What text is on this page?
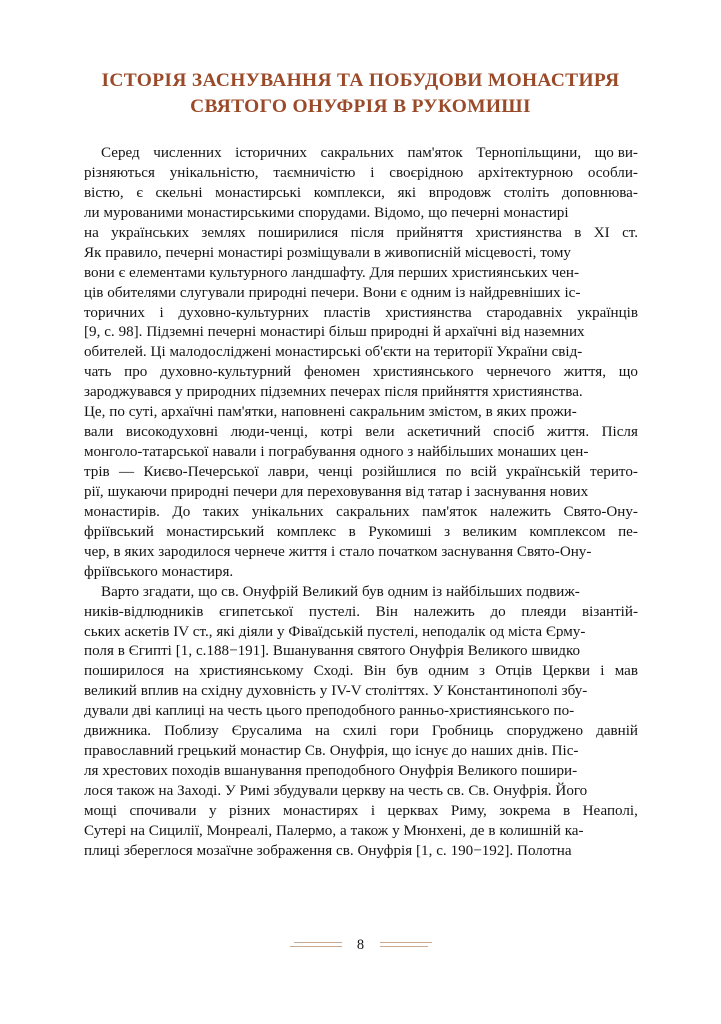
ІСТОРІЯ ЗАСНУВАННЯ ТА ПОБУДОВИ МОНАСТИРЯ
СВЯТОГО ОНУФРІЯ В РУКОМИШІ

Серед численних історичних сакральних пам'яток Тернопільщини, що ви-
різняються унікальністю, таємничістю і своєрідною архітектурною особли-
вістю, є скельні монастирські комплекси, які впродовж століть доповнюва-
ли мурованими монастирськими спорудами. Відомо, що печерні монастирі
на українських землях поширилися після прийняття християнства в XI ст.
Як правило, печерні монастирі розміщували в живописній місцевості, тому
вони є елементами культурного ландшафту. Для перших християнських чен-
ців обителями слугували природні печери. Вони є одним із найдревніших іс-
торичних і духовно-культурних пластів християнства стародавніх українців
[9, с. 98]. Підземні печерні монастирі більш природні й архаїчні від наземних
обителей. Ці малодосліджені монастирські об'єкти на території України свід-
чать про духовно-культурний феномен християнського чернечого життя, що
зароджувався у природних підземних печерах після прийняття християнства.
Це, по суті, архаїчні пам'ятки, наповнені сакральним змістом, в яких прожи-
вали високодуховні люди-ченці, котрі вели аскетичний спосіб життя. Після
монголо-татарської навали і пограбування одного з найбільших монаших цен-
трів — Києво-Печерської лаври, ченці розійшлися по всій українській терито-
рії, шукаючи природні печери для переховування від татар і заснування нових
монастирів. До таких унікальних сакральних пам'яток належить Свято-Ону-
фріївський монастирський комплекс в Рукомиші з великим комплексом пе-
чер, в яких зародилося чернече життя і стало початком заснування Свято-Ону-
фріївського монастиря.

Варто згадати, що св. Онуфрій Великий був одним із найбільших подвиж-
ників-відлюдників єгипетської пустелі. Він належить до плеяди візантій-
ських аскетів IV ст., які діяли у Фіваїдській пустелі, неподалік од міста Єрму-
поля в Єгипті [1, с.188−191]. Вшанування святого Онуфрія Великого швидко
поширилося на християнському Сході. Він був одним з Отців Церкви і мав
великий вплив на східну духовність у IV-V століттях. У Константинополі збу-
дували дві каплиці на честь цього преподобного ранньо-християнського по-
движника. Поблизу Єрусалима на схилі гори Гробниць споруджено давній
православний грецький монастир Св. Онуфрія, що існує до наших днів. Піс-
ля хрестових походів вшанування преподобного Онуфрія Великого пошири-
лося також на Заході. У Римі збудували церкву на честь св. Св. Онуфрія. Його
мощі спочивали у різних монастирях і церквах Риму, зокрема в Неаполі,
Сутері на Сицилії, Монреалі, Палермо, а також у Мюнхені, де в колишній ка-
плиці збереглося мозаїчне зображення св. Онуфрія [1, с. 190−192]. Полотна

8
